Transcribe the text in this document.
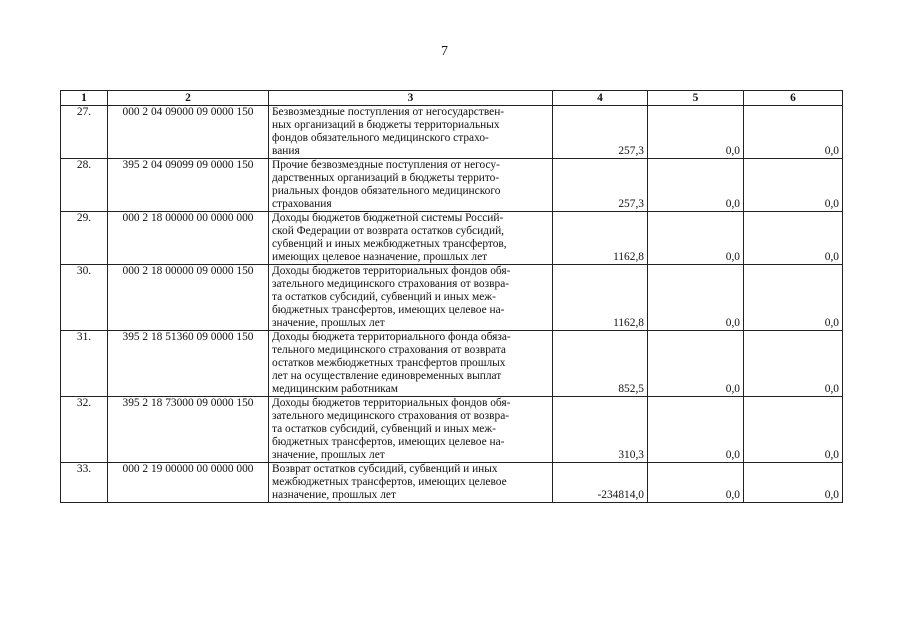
7
1	2	3	4	5	6
27.	000 2 04 09000 09 0000 150	Безвозмездные поступления от негосударствен-
ных организаций в бюджеты территориальных
фондов обязательного медицинского страхо-
вания	257,3	0,0	0,0
28.	395 2 04 09099 09 0000 150	Прочие безвозмездные поступления от негосу-
дарственных организаций в бюджеты террито-
риальных фондов обязательного медицинского
страхования	257,3	0,0	0,0
29.	000 2 18 00000 00 0000 000	Доходы бюджетов бюджетной системы Россий-
ской Федерации от возврата остатков субсидий,
субвенций и иных межбюджетных трансфертов,
имеющих целевое назначение, прошлых лет	1162,8	0,0	0,0
30.	000 2 18 00000 09 0000 150	Доходы бюджетов территориальных фондов обя-
зательного медицинского страхования от возвра-
та остатков субсидий, субвенций и иных меж-
бюджетных трансфертов, имеющих целевое на-
значение, прошлых лет	1162,8	0,0	0,0
31.	395 2 18 51360 09 0000 150	Доходы бюджета территориального фонда обяза-
тельного медицинского страхования от возврата
остатков межбюджетных трансфертов прошлых
лет на осуществление единовременных выплат
медицинским работникам	852,5	0,0	0,0
32.	395 2 18 73000 09 0000 150	Доходы бюджетов территориальных фондов обя-
зательного медицинского страхования от возвра-
та остатков субсидий, субвенций и иных меж-
бюджетных трансфертов, имеющих целевое на-
значение, прошлых лет	310,3	0,0	0,0
33.	000 2 19 00000 00 0000 000	Возврат остатков субсидий, субвенций и иных
межбюджетных трансфертов, имеющих целевое
назначение, прошлых лет	-234814,0	0,0	0,0
